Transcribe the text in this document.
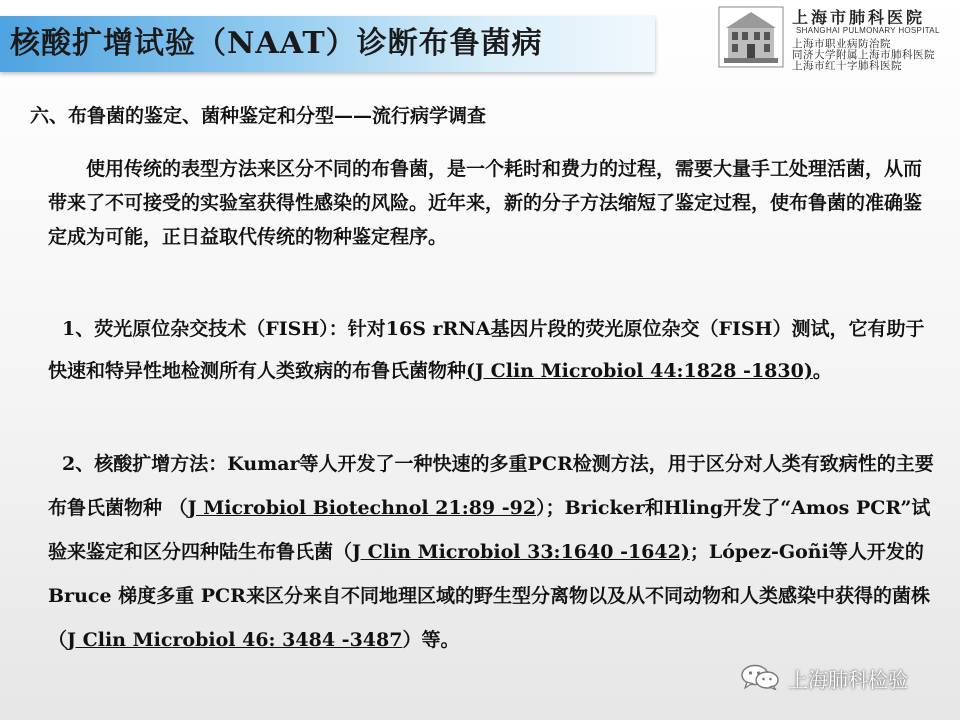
核酸扩增试验（NAAT）诊断布鲁菌病
上海市肺科医院
SHANGHAI PULMONARY HOSPITAL
上海市职业病防治院
同济大学附属上海市肺科医院
上海市红十字肺科医院
六、布鲁菌的鉴定、菌种鉴定和分型——流行病学调查
使用传统的表型方法来区分不同的布鲁菌，是一个耗时和费力的过程，需要大量手工处理活菌，从而带来了不可接受的实验室获得性感染的风险。近年来，新的分子方法缩短了鉴定过程，使布鲁菌的准确鉴定成为可能，正日益取代传统的物种鉴定程序。
1、荧光原位杂交技术（FISH）：针对16S rRNA基因片段的荧光原位杂交（FISH）测试，它有助于快速和特异性地检测所有人类致病的布鲁氏菌物种(J Clin Microbiol 44:1828 -1830)。
2、核酸扩增方法：Kumar等人开发了一种快速的多重PCR检测方法，用于区分对人类有致病性的主要布鲁氏菌物种 （J Microbiol Biotechnol 21:89 -92）；Bricker和Hling开发了“Amos PCR”试验来鉴定和区分四种陆生布鲁氏菌（J Clin Microbiol 33:1640 -1642)；López-Goñi等人开发的Bruce 梯度多重 PCR来区分来自不同地理区域的野生型分离物以及从不同动物和人类感染中获得的菌株（J Clin Microbiol 46: 3484 -3487）等。
上海肺科检验
